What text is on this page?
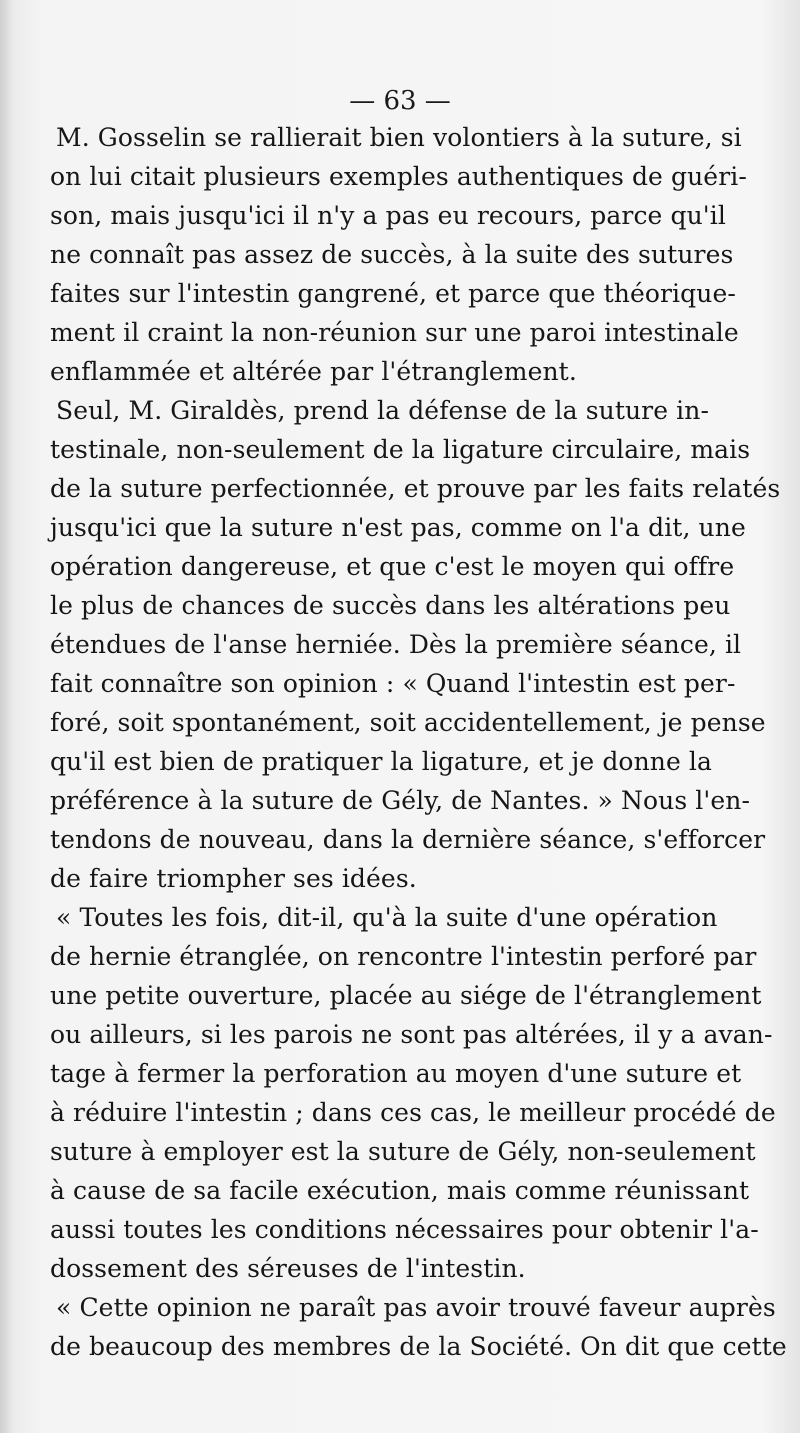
— 63 —
M. Gosselin se rallierait bien volontiers à la suture, si
on lui citait plusieurs exemples authentiques de guéri-
son, mais jusqu'ici il n'y a pas eu recours, parce qu'il
ne connaît pas assez de succès, à la suite des sutures
faites sur l'intestin gangrené, et parce que théorique-
ment il craint la non-réunion sur une paroi intestinale
enflammée et altérée par l'étranglement.
Seul, M. Giraldès, prend la défense de la suture in-
testinale, non-seulement de la ligature circulaire, mais
de la suture perfectionnée, et prouve par les faits relatés
jusqu'ici que la suture n'est pas, comme on l'a dit, une
opération dangereuse, et que c'est le moyen qui offre
le plus de chances de succès dans les altérations peu
étendues de l'anse herniée. Dès la première séance, il
fait connaître son opinion : « Quand l'intestin est per-
foré, soit spontanément, soit accidentellement, je pense
qu'il est bien de pratiquer la ligature, et je donne la
préférence à la suture de Gély, de Nantes. » Nous l'en-
tendons de nouveau, dans la dernière séance, s'efforcer
de faire triompher ses idées.
« Toutes les fois, dit-il, qu'à la suite d'une opération
de hernie étranglée, on rencontre l'intestin perforé par
une petite ouverture, placée au siége de l'étranglement
ou ailleurs, si les parois ne sont pas altérées, il y a avan-
tage à fermer la perforation au moyen d'une suture et
à réduire l'intestin ; dans ces cas, le meilleur procédé de
suture à employer est la suture de Gély, non-seulement
à cause de sa facile exécution, mais comme réunissant
aussi toutes les conditions nécessaires pour obtenir l'a-
dossement des séreuses de l'intestin.
« Cette opinion ne paraît pas avoir trouvé faveur auprès
de beaucoup des membres de la Société. On dit que cette
